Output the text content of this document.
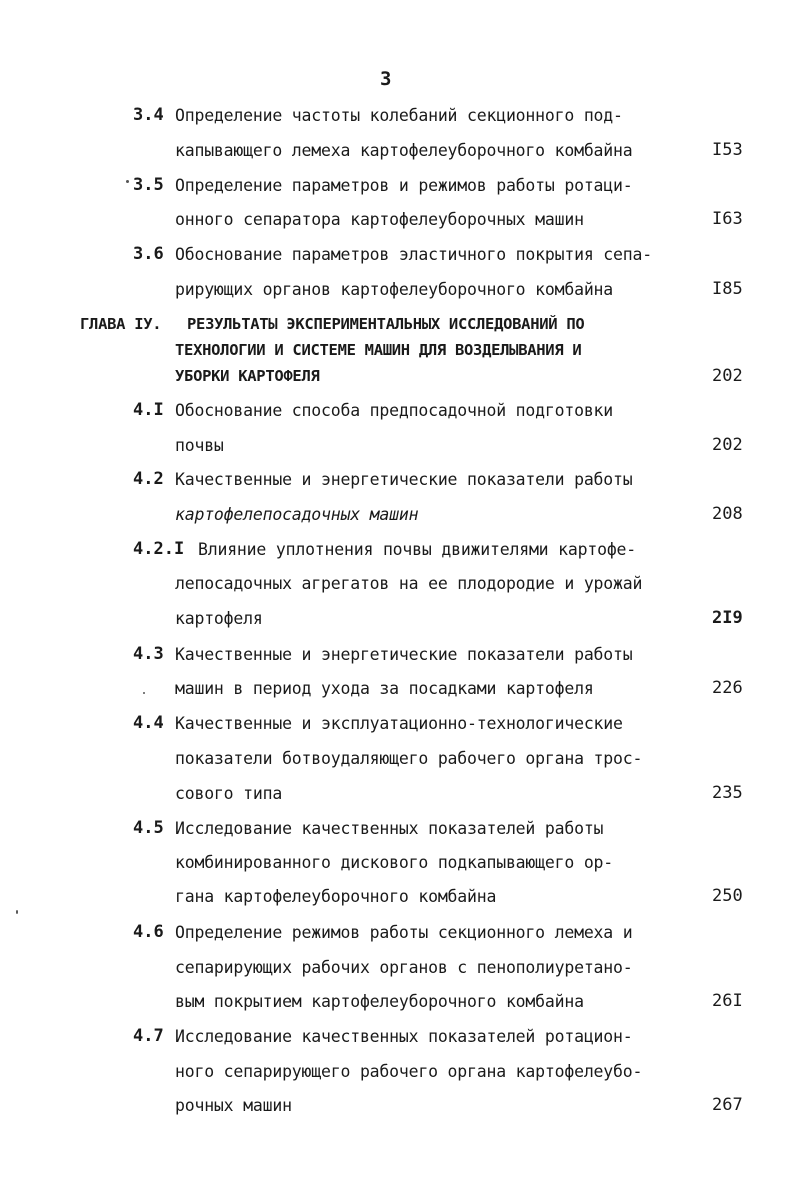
3
3.4 Определение частоты колебаний секционного под-
капывающего лемеха картофелеуборочного комбайна	I53
3.5 Определение параметров и режимов работы ротаци-
онного сепаратора картофелеуборочных машин	I63
3.6 Обоснование параметров эластичного покрытия сепа-
рирующих органов картофелеуборочного комбайна	I85
ГЛАВА IУ. РЕЗУЛЬТАТЫ ЭКСПЕРИМЕНТАЛЬНЫХ ИССЛЕДОВАНИЙ ПО
ТЕХНОЛОГИИ И СИСТЕМЕ МАШИН ДЛЯ ВОЗДЕЛЫВАНИЯ И
УБОРКИ КАРТОФЕЛЯ	202
4.I Обоснование способа предпосадочной подготовки
почвы	202
4.2 Качественные и энергетические показатели работы
картофелепосадочных машин	208
4.2.I Влияние уплотнения почвы движителями картофе-
лепосадочных агрегатов на ее плодородие и урожай
картофеля	2I9
4.3 Качественные и энергетические показатели работы
машин в период ухода за посадками картофеля	226
4.4 Качественные и эксплуатационно-технологические
показатели ботвоудаляющего рабочего органа трос-
сового типа	235
4.5 Исследование качественных показателей работы
комбинированного дискового подкапывающего ор-
гана картофелеуборочного комбайна	250
4.6 Определение режимов работы секционного лемеха и
сепарирующих рабочих органов с пенополиуретано-
вым покрытием картофелеуборочного комбайна	26I
4.7 Исследование качественных показателей ротацион-
ного сепарирующего рабочего органа картофелеубо-
рочных машин	267
